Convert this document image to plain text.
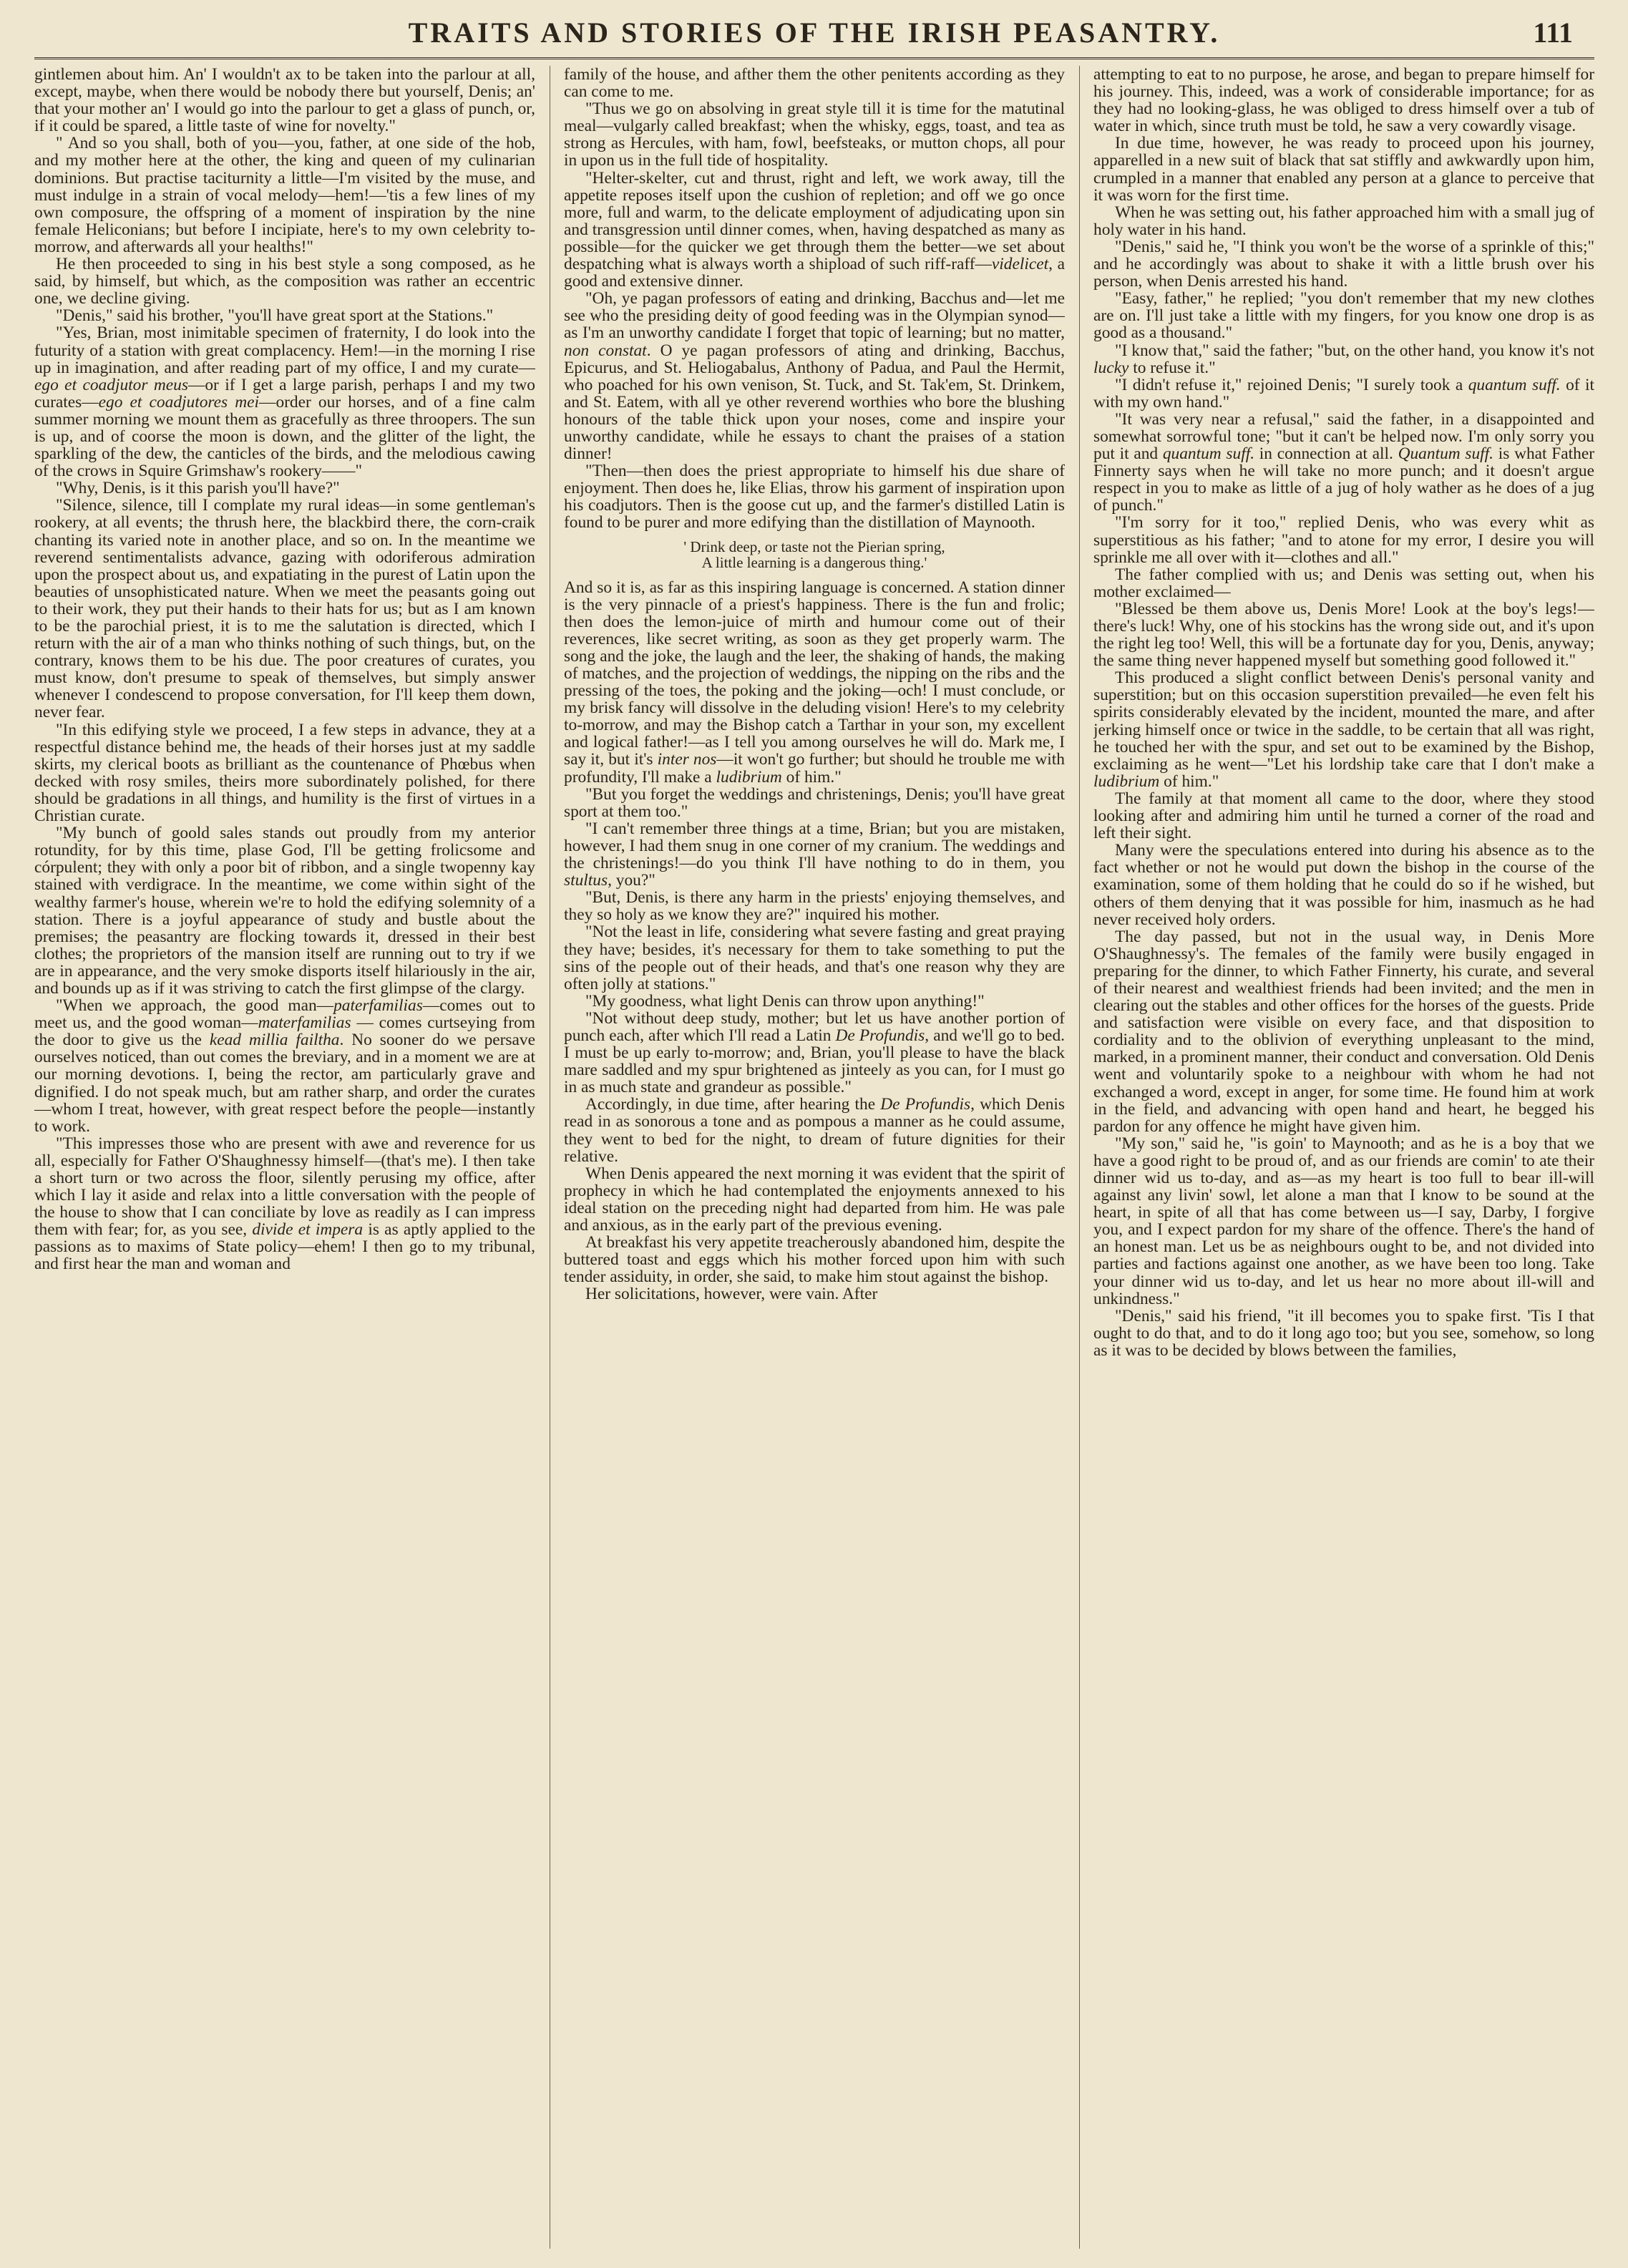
TRAITS AND STORIES OF THE IRISH PEASANTRY.	111

gintlemen about him. An' I wouldn't ax to be taken into the parlour at all, except, maybe, when there would be nobody there but yourself, Denis; an' that your mother an' I would go into the parlour to get a glass of punch, or, if it could be spared, a little taste of wine for novelty."

" And so you shall, both of you—you, father, at one side of the hob, and my mother here at the other, the king and queen of my culinarian dominions. But practise taciturnity a little—I'm visited by the muse, and must indulge in a strain of vocal melody—hem!—'tis a few lines of my own composure, the offspring of a moment of inspiration by the nine female Heliconians; but before I incipiate, here's to my own celebrity to-morrow, and afterwards all your healths!"

He then proceeded to sing in his best style a song composed, as he said, by himself, but which, as the composition was rather an eccentric one, we decline giving.

"Denis," said his brother, "you'll have great sport at the Stations."

"Yes, Brian, most inimitable specimen of fraternity, I do look into the futurity of a station with great complacency. Hem!—in the morning I rise up in imagination, and after reading part of my office, I and my curate—ego et coadjutor meus—or if I get a large parish, perhaps I and my two curates—ego et coadjutores mei—order our horses, and of a fine calm summer morning we mount them as gracefully as three throopers. The sun is up, and of coorse the moon is down, and the glitter of the light, the sparkling of the dew, the canticles of the birds, and the melodious cawing of the crows in Squire Grimshaw's rookery——"

"Why, Denis, is it this parish you'll have?"

"Silence, silence, till I complate my rural ideas—in some gentleman's rookery, at all events; the thrush here, the blackbird there, the corn-craik chanting its varied note in another place, and so on. In the meantime we reverend sentimentalists advance, gazing with odoriferous admiration upon the prospect about us, and expatiating in the purest of Latin upon the beauties of unsophisticated nature. When we meet the peasants going out to their work, they put their hands to their hats for us; but as I am known to be the parochial priest, it is to me the salutation is directed, which I return with the air of a man who thinks nothing of such things, but, on the contrary, knows them to be his due. The poor creatures of curates, you must know, don't presume to speak of themselves, but simply answer whenever I condescend to propose conversation, for I'll keep them down, never fear.

"In this edifying style we proceed, I a few steps in advance, they at a respectful distance behind me, the heads of their horses just at my saddle skirts, my clerical boots as brilliant as the countenance of Phœbus when decked with rosy smiles, theirs more subordinately polished, for there should be gradations in all things, and humility is the first of virtues in a Christian curate.

"My bunch of goold sales stands out proudly from my anterior rotundity, for by this time, plase God, I'll be getting frolicsome and córpulent; they with only a poor bit of ribbon, and a single twopenny kay stained with verdigrace. In the meantime, we come within sight of the wealthy farmer's house, wherein we're to hold the edifying solemnity of a station. There is a joyful appearance of study and bustle about the premises; the peasantry are flocking towards it, dressed in their best clothes; the proprietors of the mansion itself are running out to try if we are in appearance, and the very smoke disports itself hilariously in the air, and bounds up as if it was striving to catch the first glimpse of the clargy.

"When we approach, the good man—paterfamilias—comes out to meet us, and the good woman—materfamilias — comes curtseying from the door to give us the kead millia failtha. No sooner do we persave ourselves noticed, than out comes the breviary, and in a moment we are at our morning devotions. I, being the rector, am particularly grave and dignified. I do not speak much, but am rather sharp, and order the curates—whom I treat, however, with great respect before the people—instantly to work.

"This impresses those who are present with awe and reverence for us all, especially for Father O'Shaughnessy himself—(that's me). I then take a short turn or two across the floor, silently perusing my office, after which I lay it aside and relax into a little conversation with the people of the house to show that I can conciliate by love as readily as I can impress them with fear; for, as you see, divide et impera is as aptly applied to the passions as to maxims of State policy—ehem! I then go to my tribunal, and first hear the man and woman and

family of the house, and afther them the other penitents according as they can come to me.

"Thus we go on absolving in great style till it is time for the matutinal meal—vulgarly called breakfast; when the whisky, eggs, toast, and tea as strong as Hercules, with ham, fowl, beefsteaks, or mutton chops, all pour in upon us in the full tide of hospitality.

"Helter-skelter, cut and thrust, right and left, we work away, till the appetite reposes itself upon the cushion of repletion; and off we go once more, full and warm, to the delicate employment of adjudicating upon sin and transgression until dinner comes, when, having despatched as many as possible—for the quicker we get through them the better—we set about despatching what is always worth a shipload of such riff-raff—videlicet, a good and extensive dinner.

"Oh, ye pagan professors of eating and drinking, Bacchus and—let me see who the presiding deity of good feeding was in the Olympian synod—as I'm an unworthy candidate I forget that topic of learning; but no matter, non constat. O ye pagan professors of ating and drinking, Bacchus, Epicurus, and St. Heliogabalus, Anthony of Padua, and Paul the Hermit, who poached for his own venison, St. Tuck, and St. Tak'em, St. Drinkem, and St. Eatem, with all ye other reverend worthies who bore the blushing honours of the table thick upon your noses, come and inspire your unworthy candidate, while he essays to chant the praises of a station dinner!

"Then—then does the priest appropriate to himself his due share of enjoyment. Then does he, like Elias, throw his garment of inspiration upon his coadjutors. Then is the goose cut up, and the farmer's distilled Latin is found to be purer and more edifying than the distillation of Maynooth.

' Drink deep, or taste not the Pierian spring,
A little learning is a dangerous thing.'

And so it is, as far as this inspiring language is concerned. A station dinner is the very pinnacle of a priest's happiness. There is the fun and frolic; then does the lemon-juice of mirth and humour come out of their reverences, like secret writing, as soon as they get properly warm. The song and the joke, the laugh and the leer, the shaking of hands, the making of matches, and the projection of weddings, the nipping on the ribs and the pressing of the toes, the poking and the joking—och! I must conclude, or my brisk fancy will dissolve in the deluding vision! Here's to my celebrity to-morrow, and may the Bishop catch a Tarthar in your son, my excellent and logical father!—as I tell you among ourselves he will do. Mark me, I say it, but it's inter nos—it won't go further; but should he trouble me with profundity, I'll make a ludibrium of him."

"But you forget the weddings and christenings, Denis; you'll have great sport at them too."

"I can't remember three things at a time, Brian; but you are mistaken, however, I had them snug in one corner of my cranium. The weddings and the christenings!—do you think I'll have nothing to do in them, you stultus, you?"

"But, Denis, is there any harm in the priests' enjoying themselves, and they so holy as we know they are?" inquired his mother.

"Not the least in life, considering what severe fasting and great praying they have; besides, it's necessary for them to take something to put the sins of the people out of their heads, and that's one reason why they are often jolly at stations."

"My goodness, what light Denis can throw upon anything!"

"Not without deep study, mother; but let us have another portion of punch each, after which I'll read a Latin De Profundis, and we'll go to bed. I must be up early to-morrow; and, Brian, you'll please to have the black mare saddled and my spur brightened as jinteely as you can, for I must go in as much state and grandeur as possible."

Accordingly, in due time, after hearing the De Profundis, which Denis read in as sonorous a tone and as pompous a manner as he could assume, they went to bed for the night, to dream of future dignities for their relative.

When Denis appeared the next morning it was evident that the spirit of prophecy in which he had contemplated the enjoyments annexed to his ideal station on the preceding night had departed from him. He was pale and anxious, as in the early part of the previous evening.

At breakfast his very appetite treacherously abandoned him, despite the buttered toast and eggs which his mother forced upon him with such tender assiduity, in order, she said, to make him stout against the bishop.

Her solicitations, however, were vain. After

attempting to eat to no purpose, he arose, and began to prepare himself for his journey. This, indeed, was a work of considerable importance; for as they had no looking-glass, he was obliged to dress himself over a tub of water in which, since truth must be told, he saw a very cowardly visage.

In due time, however, he was ready to proceed upon his journey, apparelled in a new suit of black that sat stiffly and awkwardly upon him, crumpled in a manner that enabled any person at a glance to perceive that it was worn for the first time.

When he was setting out, his father approached him with a small jug of holy water in his hand.

"Denis," said he, "I think you won't be the worse of a sprinkle of this;" and he accordingly was about to shake it with a little brush over his person, when Denis arrested his hand.

"Easy, father," he replied; "you don't remember that my new clothes are on. I'll just take a little with my fingers, for you know one drop is as good as a thousand."

"I know that," said the father; "but, on the other hand, you know it's not lucky to refuse it."

"I didn't refuse it," rejoined Denis; "I surely took a quantum suff. of it with my own hand."

"It was very near a refusal," said the father, in a disappointed and somewhat sorrowful tone; "but it can't be helped now. I'm only sorry you put it and quantum suff. in connection at all. Quantum suff. is what Father Finnerty says when he will take no more punch; and it doesn't argue respect in you to make as little of a jug of holy wather as he does of a jug of punch."

"I'm sorry for it too," replied Denis, who was every whit as superstitious as his father; "and to atone for my error, I desire you will sprinkle me all over with it—clothes and all."

The father complied with us; and Denis was setting out, when his mother exclaimed—

"Blessed be them above us, Denis More! Look at the boy's legs!—there's luck! Why, one of his stockins has the wrong side out, and it's upon the right leg too! Well, this will be a fortunate day for you, Denis, anyway; the same thing never happened myself but something good followed it."

This produced a slight conflict between Denis's personal vanity and superstition; but on this occasion superstition prevailed—he even felt his spirits considerably elevated by the incident, mounted the mare, and after jerking himself once or twice in the saddle, to be certain that all was right, he touched her with the spur, and set out to be examined by the Bishop, exclaiming as he went—"Let his lordship take care that I don't make a ludibrium of him."

The family at that moment all came to the door, where they stood looking after and admiring him until he turned a corner of the road and left their sight.

Many were the speculations entered into during his absence as to the fact whether or not he would put down the bishop in the course of the examination, some of them holding that he could do so if he wished, but others of them denying that it was possible for him, inasmuch as he had never received holy orders.

The day passed, but not in the usual way, in Denis More O'Shaughnessy's. The females of the family were busily engaged in preparing for the dinner, to which Father Finnerty, his curate, and several of their nearest and wealthiest friends had been invited; and the men in clearing out the stables and other offices for the horses of the guests. Pride and satisfaction were visible on every face, and that disposition to cordiality and to the oblivion of everything unpleasant to the mind, marked, in a prominent manner, their conduct and conversation. Old Denis went and voluntarily spoke to a neighbour with whom he had not exchanged a word, except in anger, for some time. He found him at work in the field, and advancing with open hand and heart, he begged his pardon for any offence he might have given him.

"My son," said he, "is goin' to Maynooth; and as he is a boy that we have a good right to be proud of, and as our friends are comin' to ate their dinner wid us to-day, and as—as my heart is too full to bear ill-will against any livin' sowl, let alone a man that I know to be sound at the heart, in spite of all that has come between us—I say, Darby, I forgive you, and I expect pardon for my share of the offence. There's the hand of an honest man. Let us be as neighbours ought to be, and not divided into parties and factions against one another, as we have been too long. Take your dinner wid us to-day, and let us hear no more about ill-will and unkindness."

"Denis," said his friend, "it ill becomes you to spake first. 'Tis I that ought to do that, and to do it long ago too; but you see, somehow, so long as it was to be decided by blows between the families,
